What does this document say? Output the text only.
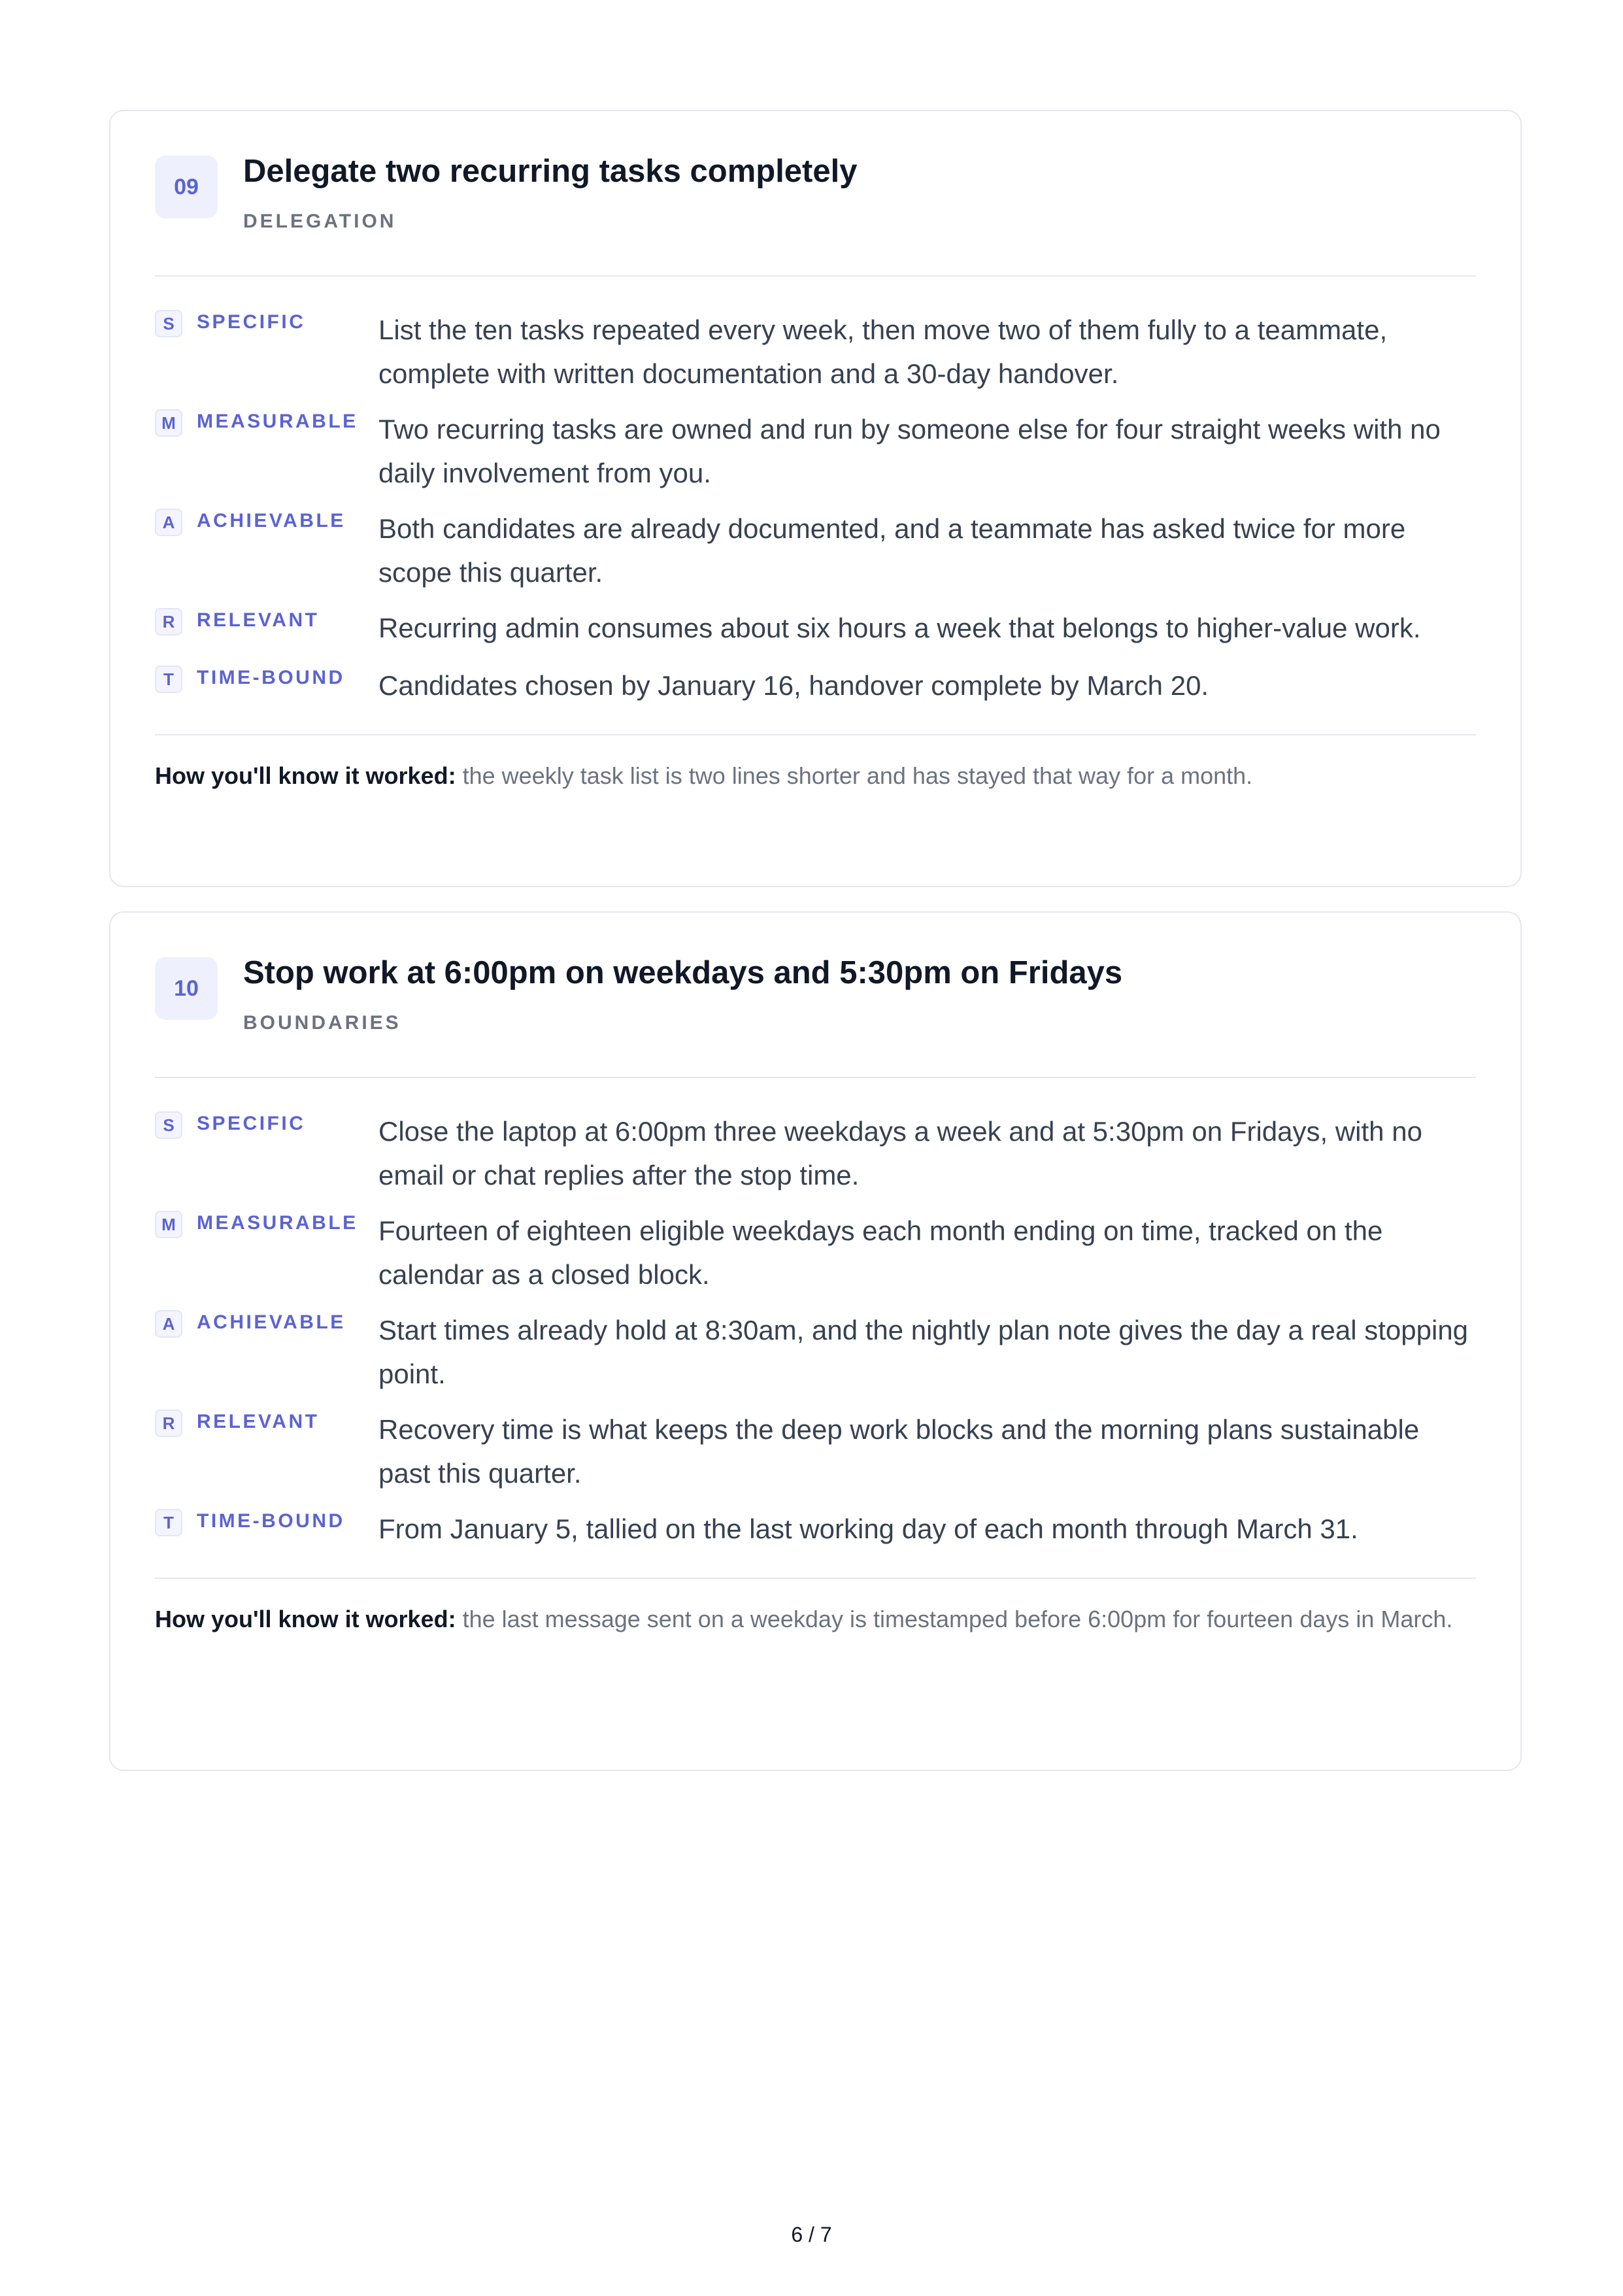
09	Delegate two recurring tasks completely
DELEGATION
S	SPECIFIC	List the ten tasks repeated every week, then move two of them fully to a teammate, complete with written documentation and a 30-day handover.
M	MEASURABLE Two recurring tasks are owned and run by someone else for four straight weeks with no daily involvement from you.
A	ACHIEVABLE Both candidates are already documented, and a teammate has asked twice for more scope this quarter.
R	RELEVANT Recurring admin consumes about six hours a week that belongs to higher-value work.
T	TIME-BOUND Candidates chosen by January 16, handover complete by March 20.
How you'll know it worked: the weekly task list is two lines shorter and has stayed that way for a month.
10	Stop work at 6:00pm on weekdays and 5:30pm on Fridays
BOUNDARIES
S	SPECIFIC	Close the laptop at 6:00pm three weekdays a week and at 5:30pm on Fridays, with no email or chat replies after the stop time.
M	MEASURABLE Fourteen of eighteen eligible weekdays each month ending on time, tracked on the calendar as a closed block.
A	ACHIEVABLE Start times already hold at 8:30am, and the nightly plan note gives the day a real stopping point.
R	RELEVANT Recovery time is what keeps the deep work blocks and the morning plans sustainable past this quarter.
T	TIME-BOUND From January 5, tallied on the last working day of each month through March 31.
How you'll know it worked: the last message sent on a weekday is timestamped before 6:00pm for fourteen days in March.
6 / 7
